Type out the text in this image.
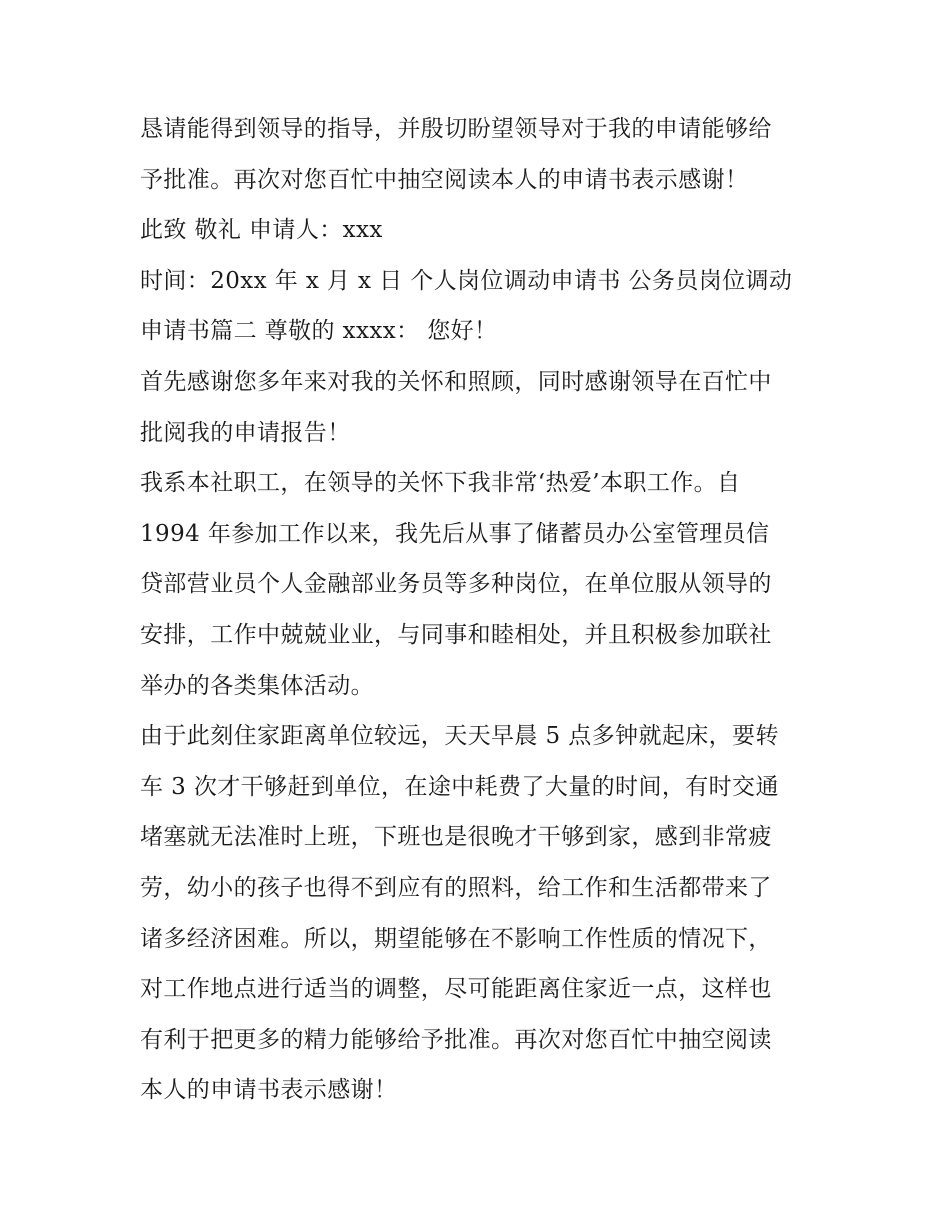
恳请能得到领导的指导，并殷切盼望领导对于我的申请能够给
予批准。再次对您百忙中抽空阅读本人的申请书表示感谢！
此致 敬礼 申请人：xxx
时间：20xx 年 x 月 x 日 个人岗位调动申请书 公务员岗位调动
申请书篇二 尊敬的 xxxx： 您好！
首先感谢您多年来对我的关怀和照顾，同时感谢领导在百忙中
批阅我的申请报告！
我系本社职工，在领导的关怀下我非常‘热爱’本职工作。自
1994 年参加工作以来，我先后从事了储蓄员办公室管理员信
贷部营业员个人金融部业务员等多种岗位，在单位服从领导的
安排，工作中兢兢业业，与同事和睦相处，并且积极参加联社
举办的各类集体活动。
由于此刻住家距离单位较远，天天早晨 5 点多钟就起床，要转
车 3 次才干够赶到单位，在途中耗费了大量的时间，有时交通
堵塞就无法准时上班，下班也是很晚才干够到家，感到非常疲
劳，幼小的孩子也得不到应有的照料，给工作和生活都带来了
诸多经济困难。所以，期望能够在不影响工作性质的情况下，
对工作地点进行适当的调整，尽可能距离住家近一点，这样也
有利于把更多的精力能够给予批准。再次对您百忙中抽空阅读
本人的申请书表示感谢！
